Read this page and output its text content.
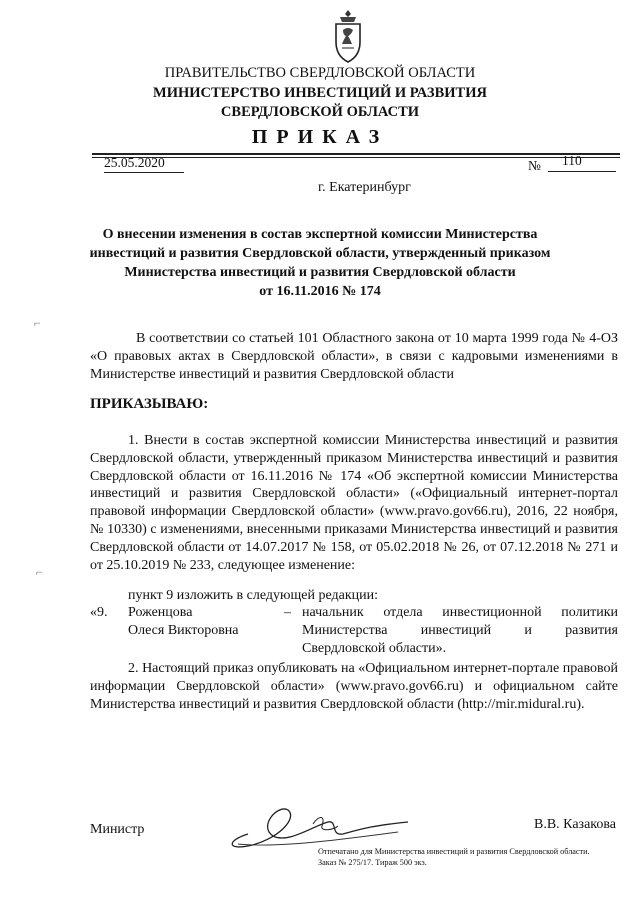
ПРАВИТЕЛЬСТВО СВЕРДЛОВСКОЙ ОБЛАСТИ
МИНИСТЕРСТВО ИНВЕСТИЦИЙ И РАЗВИТИЯ
СВЕРДЛОВСКОЙ ОБЛАСТИ
ПРИКАЗ
25.05.2020	№ 110
г. Екатеринбург
О внесении изменения в состав экспертной комиссии Министерства
инвестиций и развития Свердловской области, утвержденный приказом
Министерства инвестиций и развития Свердловской области
от 16.11.2016 № 174
⌐
⌐

В соответствии со статьей 101 Областного закона от 10 марта 1999 года № 4-ОЗ «О правовых актах в Свердловской области», в связи с кадровыми изменениями в Министерстве инвестиций и развития Свердловской области

ПРИКАЗЫВАЮ:

1. Внести в состав экспертной комиссии Министерства инвестиций и развития Свердловской области, утвержденный приказом Министерства инвестиций и развития Свердловской области от 16.11.2016 № 174 «Об экспертной комиссии Министерства инвестиций и развития Свердловской области» («Официальный интернет-портал правовой информации Свердловской области» (www.pravo.gov66.ru), 2016, 22 ноября, № 10330) с изменениями, внесенными приказами Министерства инвестиций и развития Свердловской области от 14.07.2017 № 158, от 05.02.2018 № 26, от 07.12.2018 № 271 и от 25.10.2019 № 233, следующее изменение:

пункт 9 изложить в следующей редакции:
«9. Роженцова
Олеся Викторовна
– начальник отдела инвестиционной политики
Министерства инвестиций и развития
Свердловской области».

2. Настоящий приказ опубликовать на «Официальном интернет-портале правовой информации Свердловской области» (www.pravo.gov66.ru) и официальном сайте Министерства инвестиций и развития Свердловской области (http://mir.midural.ru).

Министр	В.В. Казакова
Отпечатано для Министерства инвестиций и развития Свердловской области.
Заказ № 275/17. Тираж 500 экз.
